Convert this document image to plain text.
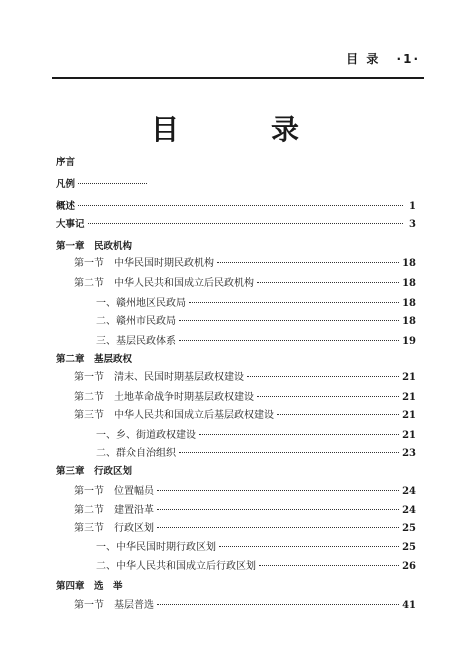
目 录 ·1·
目	录
序言
凡例
概述	1
大事记	3
第一章　民政机构
第一节　中华民国时期民政机构	18
第二节　中华人民共和国成立后民政机构	18
一、赣州地区民政局	18
二、赣州市民政局	18
三、基层民政体系	19
第二章　基层政权
第一节　清末、民国时期基层政权建设	21
第二节　土地革命战争时期基层政权建设	21
第三节　中华人民共和国成立后基层政权建设	21
一、乡、街道政权建设	21
二、群众自治组织	23
第三章　行政区划
第一节　位置幅员	24
第二节　建置沿革	24
第三节　行政区划	25
一、中华民国时期行政区划	25
二、中华人民共和国成立后行政区划	26
第四章　选　举
第一节　基层普选	41
